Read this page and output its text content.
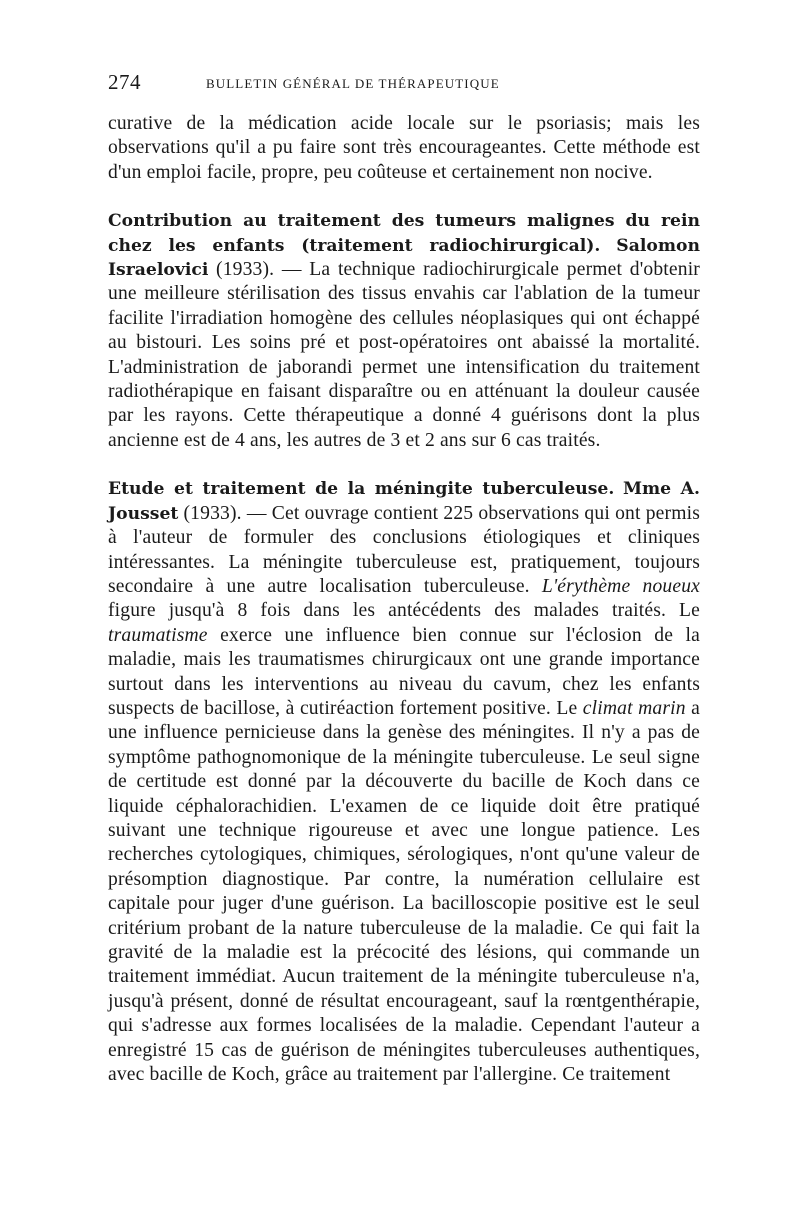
274	BULLETIN GÉNÉRAL DE THÉRAPEUTIQUE

curative de la médication acide locale sur le psoriasis; mais les observations qu'il a pu faire sont très encourageantes. Cette méthode est d'un emploi facile, propre, peu coûteuse et certainement non nocive.

Contribution au traitement des tumeurs malignes du rein chez les enfants (traitement radiochirurgical). Salomon Israelovici (1933). — La technique radiochirurgicale permet d'obtenir une meilleure stérilisation des tissus envahis car l'ablation de la tumeur facilite l'irradiation homogène des cellules néoplasiques qui ont échappé au bistouri. Les soins pré et post-opératoires ont abaissé la mortalité. L'administration de jaborandi permet une intensification du traitement radiothérapique en faisant disparaître ou en atténuant la douleur causée par les rayons. Cette thérapeutique a donné 4 guérisons dont la plus ancienne est de 4 ans, les autres de 3 et 2 ans sur 6 cas traités.

Etude et traitement de la méningite tuberculeuse. Mme A. Jousset (1933). — Cet ouvrage contient 225 observations qui ont permis à l'auteur de formuler des conclusions étiologiques et cliniques intéressantes. La méningite tuberculeuse est, pratiquement, toujours secondaire à une autre localisation tuberculeuse. L'érythème noueux figure jusqu'à 8 fois dans les antécédents des malades traités. Le traumatisme exerce une influence bien connue sur l'éclosion de la maladie, mais les traumatismes chirurgicaux ont une grande importance surtout dans les interventions au niveau du cavum, chez les enfants suspects de bacillose, à cutiréaction fortement positive. Le climat marin a une influence pernicieuse dans la genèse des méningites. Il n'y a pas de symptôme pathognomonique de la méningite tuberculeuse. Le seul signe de certitude est donné par la découverte du bacille de Koch dans ce liquide céphalorachidien. L'examen de ce liquide doit être pratiqué suivant une technique rigoureuse et avec une longue patience. Les recherches cytologiques, chimiques, sérologiques, n'ont qu'une valeur de présomption diagnostique. Par contre, la numération cellulaire est capitale pour juger d'une guérison. La bacilloscopie positive est le seul critérium probant de la nature tuberculeuse de la maladie. Ce qui fait la gravité de la maladie est la précocité des lésions, qui commande un traitement immédiat. Aucun traitement de la méningite tuberculeuse n'a, jusqu'à présent, donné de résultat encourageant, sauf la rœntgenthérapie, qui s'adresse aux formes localisées de la maladie. Cependant l'auteur a enregistré 15 cas de guérison de méningites tuberculeuses authentiques, avec bacille de Koch, grâce au traitement par l'allergine. Ce traitement
